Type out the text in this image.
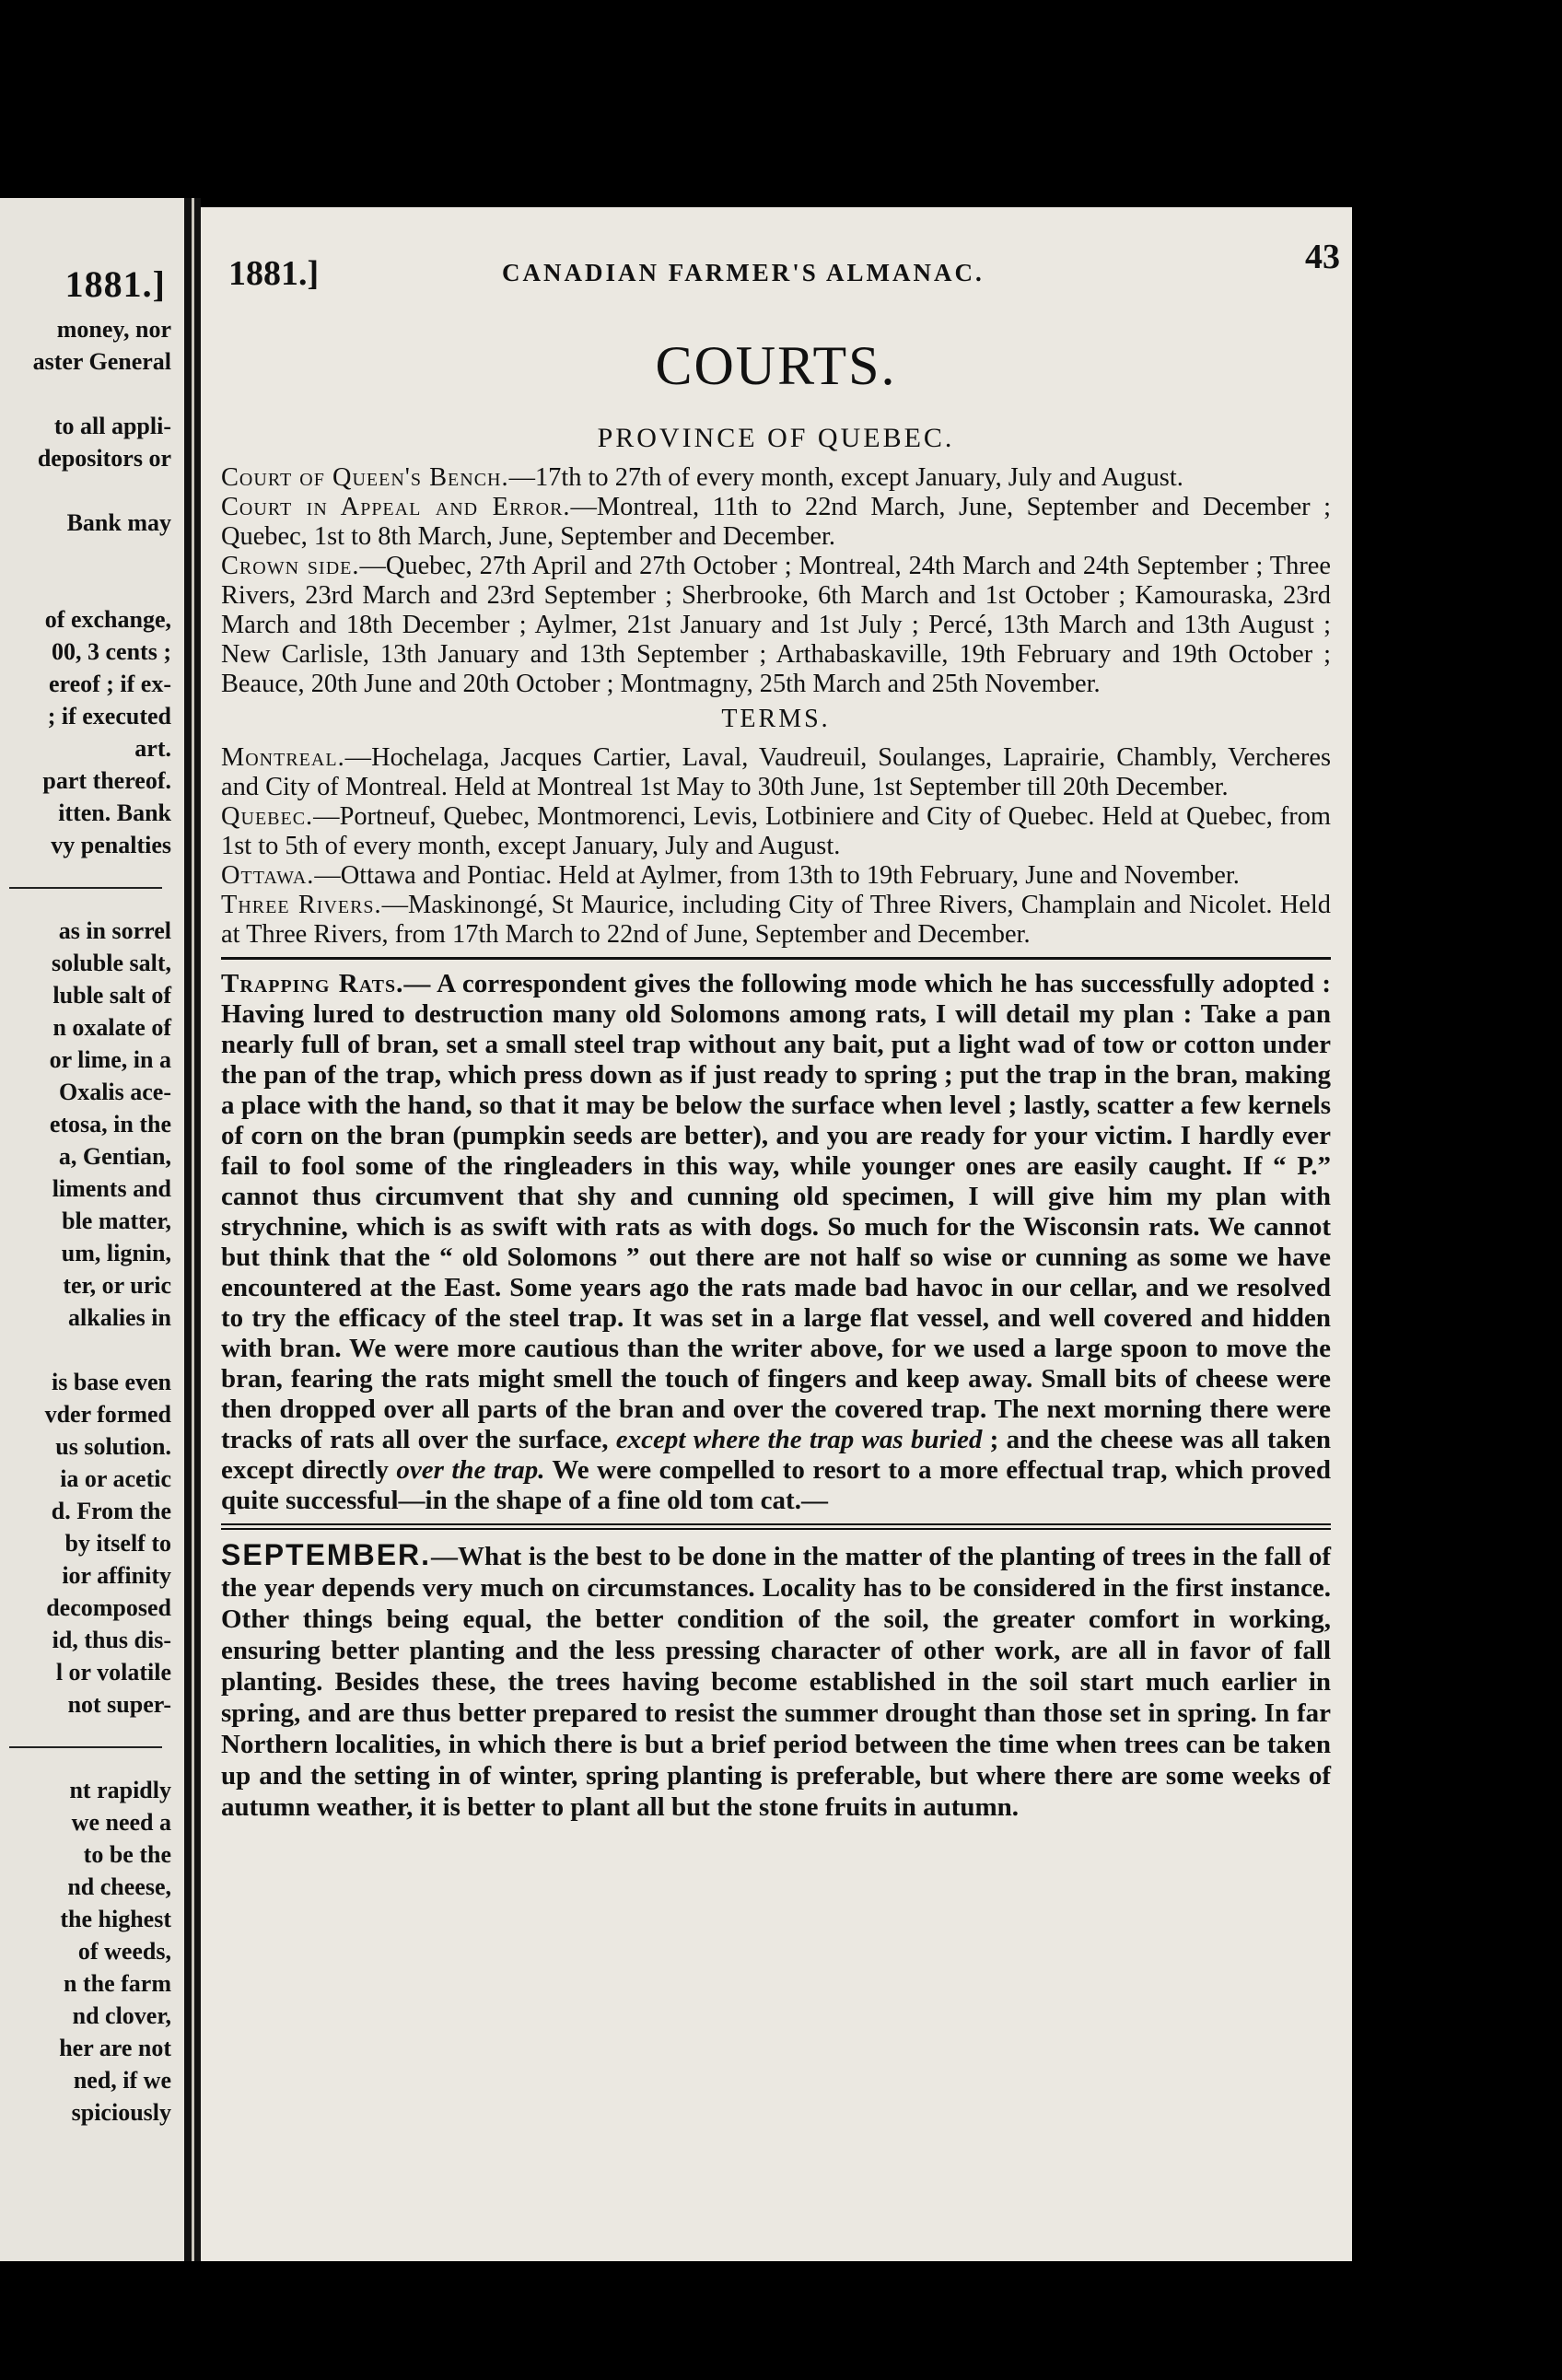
1881.]
money, nor
aster General
to all appli-
depositors or
Bank may
of exchange,
00, 3 cents ;
ereof ; if ex-
; if executed
art.
part thereof.
itten. Bank
vy penalties
as in sorrel
soluble salt,
luble salt of
n oxalate of
or lime, in a
Oxalis ace-
etosa, in the
a, Gentian,
liments and
ble matter,
um, lignin,
ter, or uric
alkalies in
is base even
vder formed
us solution.
ia or acetic
d. From the
by itself to
ior affinity
decomposed
id, thus dis-
l or volatile
not super-
nt rapidly
we need a
to be the
nd cheese,
the highest
of weeds,
n the farm
nd clover,
her are not
ned, if we
spiciously
1881.]	CANADIAN FARMER'S ALMANAC.	43
COURTS.
PROVINCE OF QUEBEC.

Court of Queen's Bench.—17th to 27th of every month, except January, July and August.

Court in Appeal and Error.—Montreal, 11th to 22nd March, June, September and December ; Quebec, 1st to 8th March, June, September and December.

Crown side.—Quebec, 27th April and 27th October ; Montreal, 24th March and 24th September ; Three Rivers, 23rd March and 23rd September ; Sherbrooke, 6th March and 1st October ; Kamouraska, 23rd March and 18th December ; Aylmer, 21st January and 1st July ; Percé, 13th March and 13th August ; New Carlisle, 13th January and 13th September ; Arthabaskaville, 19th February and 19th October ; Beauce, 20th June and 20th October ; Montmagny, 25th March and 25th November.

TERMS.

Montreal.—Hochelaga, Jacques Cartier, Laval, Vaudreuil, Soulanges, Laprairie, Chambly, Vercheres and City of Montreal. Held at Montreal 1st May to 30th June, 1st September till 20th December.

Quebec.—Portneuf, Quebec, Montmorenci, Levis, Lotbiniere and City of Quebec. Held at Quebec, from 1st to 5th of every month, except January, July and August.

Ottawa.—Ottawa and Pontiac. Held at Aylmer, from 13th to 19th February, June and November.

Three Rivers.—Maskinongé, St Maurice, including City of Three Rivers, Champlain and Nicolet. Held at Three Rivers, from 17th March to 22nd of June, September and December.

Trapping Rats.— A correspondent gives the following mode which he has successfully adopted : Having lured to destruction many old Solomons among rats, I will detail my plan : Take a pan nearly full of bran, set a small steel trap without any bait, put a light wad of tow or cotton under the pan of the trap, which press down as if just ready to spring ; put the trap in the bran, making a place with the hand, so that it may be below the surface when level ; lastly, scatter a few kernels of corn on the bran (pumpkin seeds are better), and you are ready for your victim. I hardly ever fail to fool some of the ringleaders in this way, while younger ones are easily caught. If “ P.” cannot thus circumvent that shy and cunning old specimen, I will give him my plan with strychnine, which is as swift with rats as with dogs. So much for the Wisconsin rats. We cannot but think that the “ old Solomons ” out there are not half so wise or cunning as some we have encountered at the East. Some years ago the rats made bad havoc in our cellar, and we resolved to try the efficacy of the steel trap. It was set in a large flat vessel, and well covered and hidden with bran. We were more cautious than the writer above, for we used a large spoon to move the bran, fearing the rats might smell the touch of fingers and keep away. Small bits of cheese were then dropped over all parts of the bran and over the covered trap. The next morning there were tracks of rats all over the surface, except where the trap was buried ; and the cheese was all taken except directly over the trap. We were compelled to resort to a more effectual trap, which proved quite successful—in the shape of a fine old tom cat.—

SEPTEMBER.—What is the best to be done in the matter of the planting of trees in the fall of the year depends very much on circumstances. Locality has to be considered in the first instance. Other things being equal, the better condition of the soil, the greater comfort in working, ensuring better planting and the less pressing character of other work, are all in favor of fall planting. Besides these, the trees having become established in the soil start much earlier in spring, and are thus better prepared to resist the summer drought than those set in spring. In far Northern localities, in which there is but a brief period between the time when trees can be taken up and the setting in of winter, spring planting is preferable, but where there are some weeks of autumn weather, it is better to plant all but the stone fruits in autumn.
